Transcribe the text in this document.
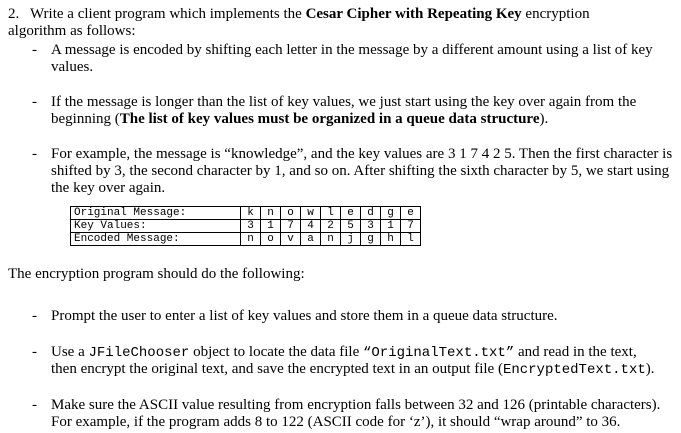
2. Write a client program which implements the Cesar Cipher with Repeating Key encryption
algorithm as follows:
- A message is encoded by shifting each letter in the message by a different amount using a list of key
values.
- If the message is longer than the list of key values, we just start using the key over again from the
beginning (The list of key values must be organized in a queue data structure).
- For example, the message is “knowledge”, and the key values are 3 1 7 4 2 5. Then the first character is
shifted by 3, the second character by 1, and so on. After shifting the sixth character by 5, we start using
the key over again.
Original Message:	k	n	o	w	l	e	d	g	e
Key Values:	3	1	7	4	2	5	3	1	7
Encoded Message:	n	o	v	a	n	j	g	h	l
The encryption program should do the following:
- Prompt the user to enter a list of key values and store them in a queue data structure.
- Use a JFileChooser object to locate the data file “OriginalText.txt” and read in the text,
then encrypt the original text, and save the encrypted text in an output file (EncryptedText.txt).
- Make sure the ASCII value resulting from encryption falls between 32 and 126 (printable characters).
For example, if the program adds 8 to 122 (ASCII code for ‘z’), it should “wrap around” to 36.
